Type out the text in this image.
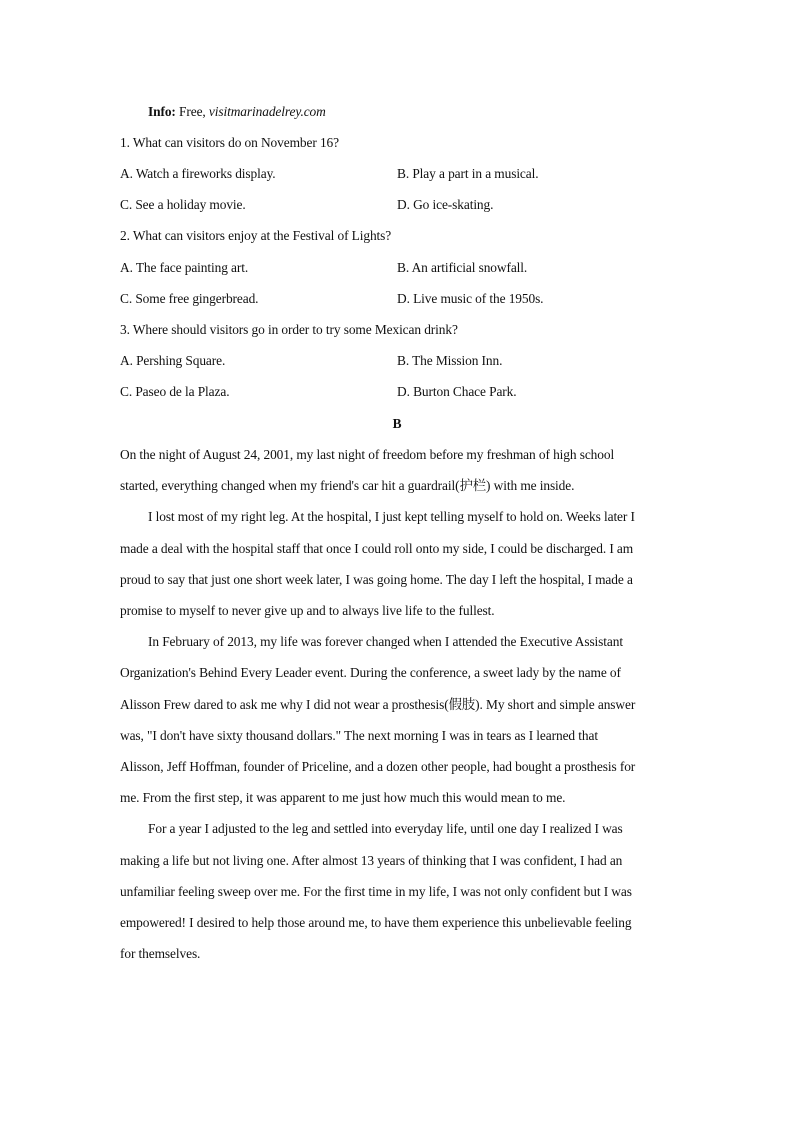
Info: Free, visitmarinadelrey.com
1. What can visitors do on November 16?
A. Watch a fireworks display.	B. Play a part in a musical.
C. See a holiday movie.	D. Go ice-skating.
2. What can visitors enjoy at the Festival of Lights?
A. The face painting art.	B. An artificial snowfall.
C. Some free gingerbread.	D. Live music of the 1950s.
3. Where should visitors go in order to try some Mexican drink?
A. Pershing Square.	B. The Mission Inn.
C. Paseo de la Plaza.	D. Burton Chace Park.
B
On the night of August 24, 2001, my last night of freedom before my freshman of high school
started, everything changed when my friend's car hit a guardrail(护栏) with me inside.
I lost most of my right leg. At the hospital, I just kept telling myself to hold on. Weeks later I
made a deal with the hospital staff that once I could roll onto my side, I could be discharged. I am
proud to say that just one short week later, I was going home. The day I left the hospital, I made a
promise to myself to never give up and to always live life to the fullest.
In February of 2013, my life was forever changed when I attended the Executive Assistant
Organization's Behind Every Leader event. During the conference, a sweet lady by the name of
Alisson Frew dared to ask me why I did not wear a prosthesis(假肢). My short and simple answer
was, "I don't have sixty thousand dollars." The next morning I was in tears as I learned that
Alisson, Jeff Hoffman, founder of Priceline, and a dozen other people, had bought a prosthesis for
me. From the first step, it was apparent to me just how much this would mean to me.
For a year I adjusted to the leg and settled into everyday life, until one day I realized I was
making a life but not living one. After almost 13 years of thinking that I was confident, I had an
unfamiliar feeling sweep over me. For the first time in my life, I was not only confident but I was
empowered! I desired to help those around me, to have them experience this unbelievable feeling
for themselves.
